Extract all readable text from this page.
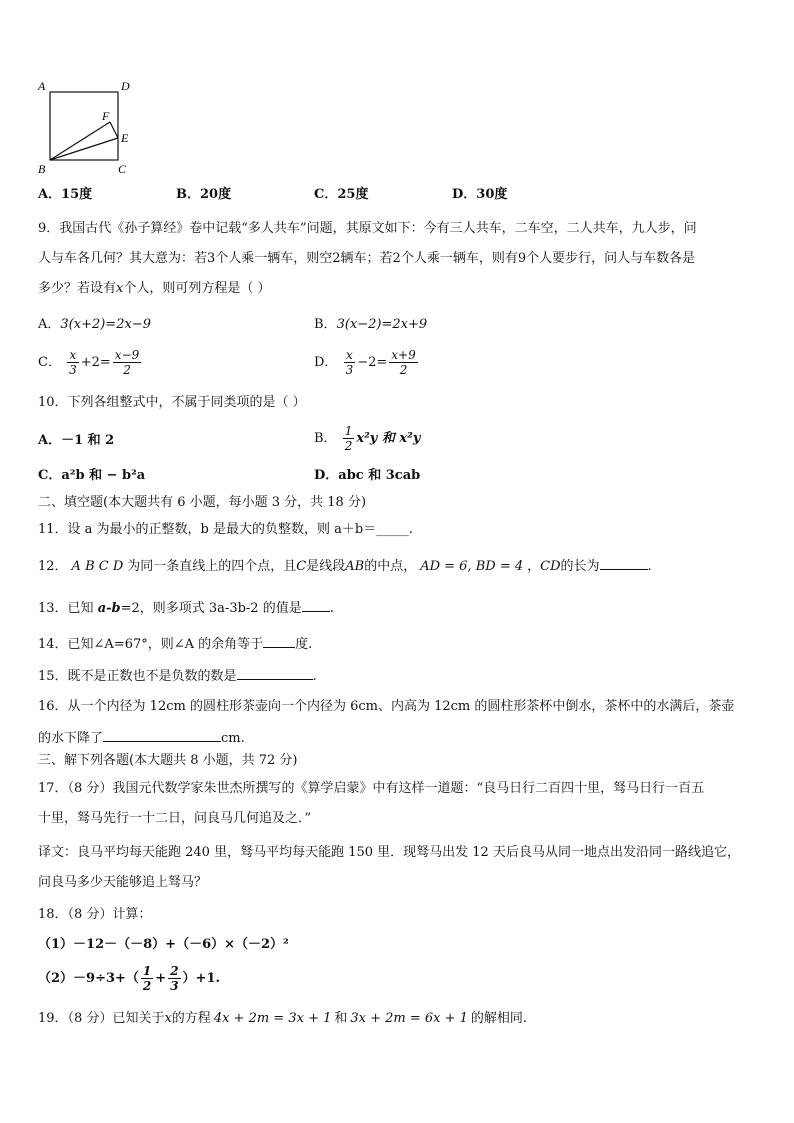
A	D
F
E
B	C
A．15度	B．20度	C．25度	D．30度
9．我国古代《孙子算经》卷中记载“多人共车”问题，其原文如下：今有三人共车，二车空，二人共车，九人步，问
人与车各几何？其大意为：若3个人乘一辆车，则空2辆车；若2个人乘一辆车，则有9个人要步行，问人与车数各是
多少？若设有x个人，则可列方程是（ ）
A．3(x+2)=2x−9	B．3(x−2)=2x+9
C． $\frac{x}{3} +2= \frac{x-9}{2}$	D． $\frac{x}{3} -2= \frac{x+9}{2}$
10．下列各组整式中，不属于同类项的是（ ）
A．－1 和 2	B． $\frac{1}{2} x^2y$ 和 x²y
C．a²b 和 − b²a	D．abc 和 3cab
二、填空题(本大题共有 6 小题，每小题 3 分，共 18 分)
11．设 a 为最小的正整数，b 是最大的负整数，则 a＋b＝_____.
12． A B C D 为同一条直线上的四个点，且C是线段AB的中点， AD = 6, BD = 4 ，CD的长为	.
13．已知 a-b=2，则多项式 3a-3b-2 的值是 .
14．已知∠A=67°，则∠A 的余角等于 度.
15．既不是正数也不是负数的数是	.
16．从一个内径为 12cm 的圆柱形茶壶向一个内径为 6cm、内高为 12cm 的圆柱形茶杯中倒水，茶杯中的水满后，茶壶
的水下降了	cm.
三、解下列各题(本大题共 8 小题，共 72 分)
17．（8 分）我国元代数学家朱世杰所撰写的《算学启蒙》中有这样一道题：“良马日行二百四十里，驽马日行一百五
十里，驽马先行一十二日，问良马几何追及之．”
译文：良马平均每天能跑 240 里，驽马平均每天能跑 150 里．现驽马出发 12 天后良马从同一地点出发沿同一路线追它，
问良马多少天能够追上驽马？
18．（8 分）计算：
（1）－12－（－8）+（－6）×（－2）²
$(2)-9\div 3+( \frac{1}{2} + \frac{2}{3} )+1$.
19．（8 分）已知关于x的方程 4x + 2m = 3x + 1 和 3x + 2m = 6x + 1 的解相同.
